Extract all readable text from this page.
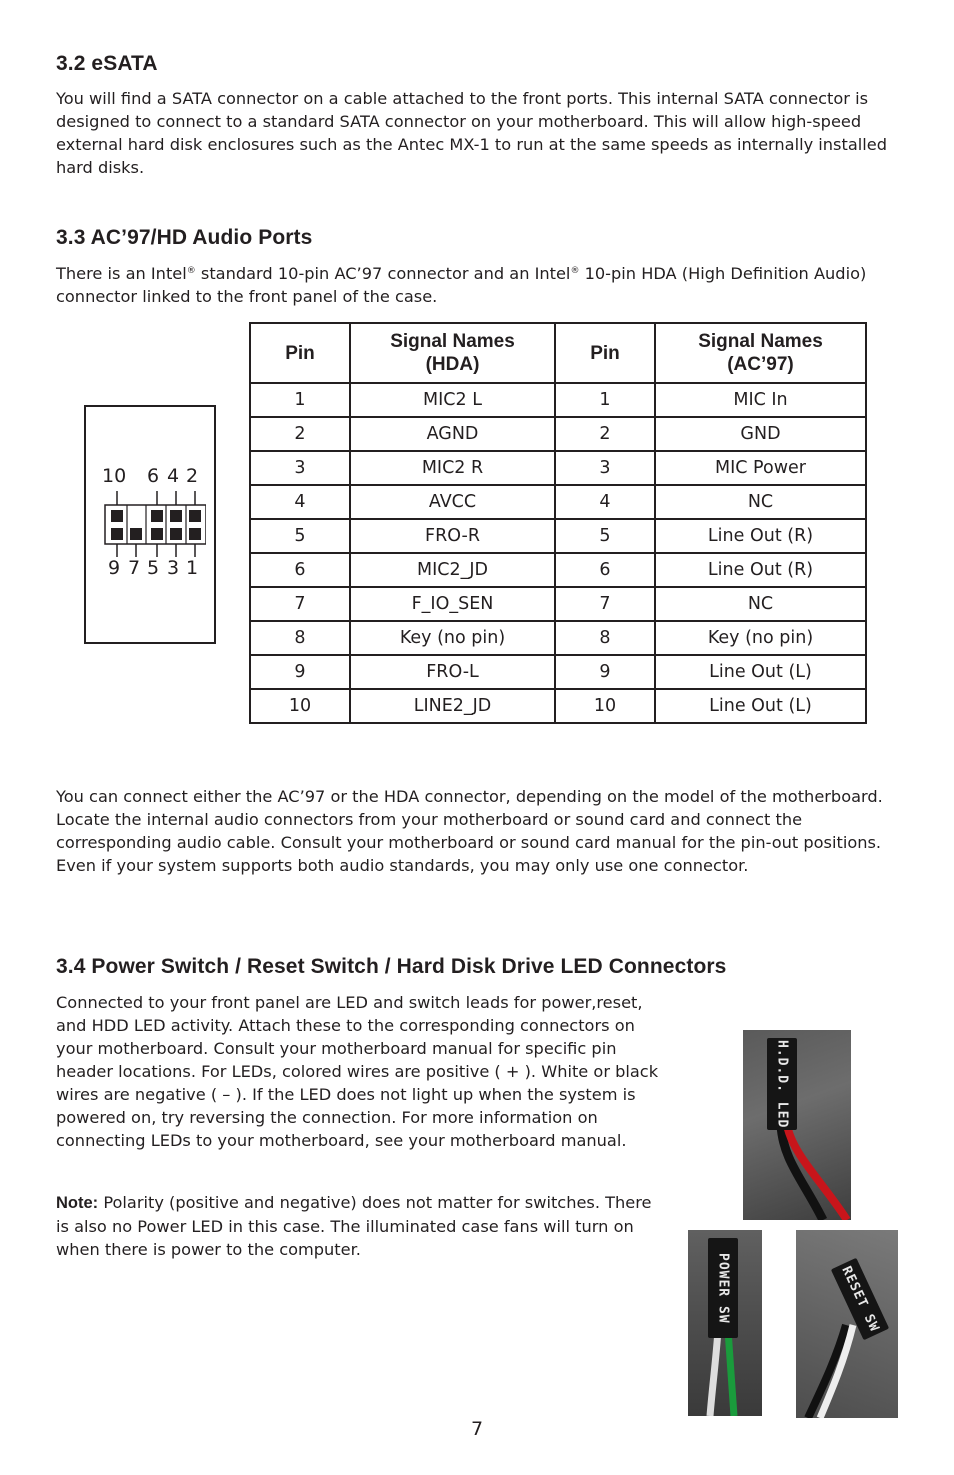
3.2 eSATA

You will find a SATA connector on a cable attached to the front ports. This internal SATA connector is designed to connect to a standard SATA connector on your motherboard. This will allow high-speed external hard disk enclosures such as the Antec MX-1 to run at the same speeds as internally installed hard disks.

3.3 AC’97/HD Audio Ports

There is an Intel® standard 10-pin AC’97 connector and an Intel® 10-pin HDA (High Definition Audio) connector linked to the front panel of the case.

10 6 4 2
9 7 5 3 1
Pin	Signal Names (HDA)	Pin	Signal Names (AC’97)
1	MIC2 L	1	MIC In
2	AGND	2	GND
3	MIC2 R	3	MIC Power
4	AVCC	4	NC
5	FRO-R	5	Line Out (R)
6	MIC2_JD	6	Line Out (R)
7	F_IO_SEN	7	NC
8	Key (no pin)	8	Key (no pin)
9	FRO-L	9	Line Out (L)
10	LINE2_JD	10	Line Out (L)

You can connect either the AC’97 or the HDA connector, depending on the model of the motherboard. Locate the internal audio connectors from your motherboard or sound card and connect the corresponding audio cable. Consult your motherboard or sound card manual for the pin-out positions. Even if your system supports both audio standards, you may only use one connector.

3.4 Power Switch / Reset Switch / Hard Disk Drive LED Connectors

Connected to your front panel are LED and switch leads for power,reset, and HDD LED activity. Attach these to the corresponding connectors on your motherboard. Consult your motherboard manual for specific pin header locations. For LEDs, colored wires are positive ( + ). White or black wires are negative ( – ). If the LED does not light up when the system is powered on, try reversing the connection. For more information on connecting LEDs to your motherboard, see your motherboard manual.

Note: Polarity (positive and negative) does not matter for switches. There is also no Power LED in this case. The illuminated case fans will turn on when there is power to the computer.

H.D.D. LED
POWER SW	RESET SW
7
